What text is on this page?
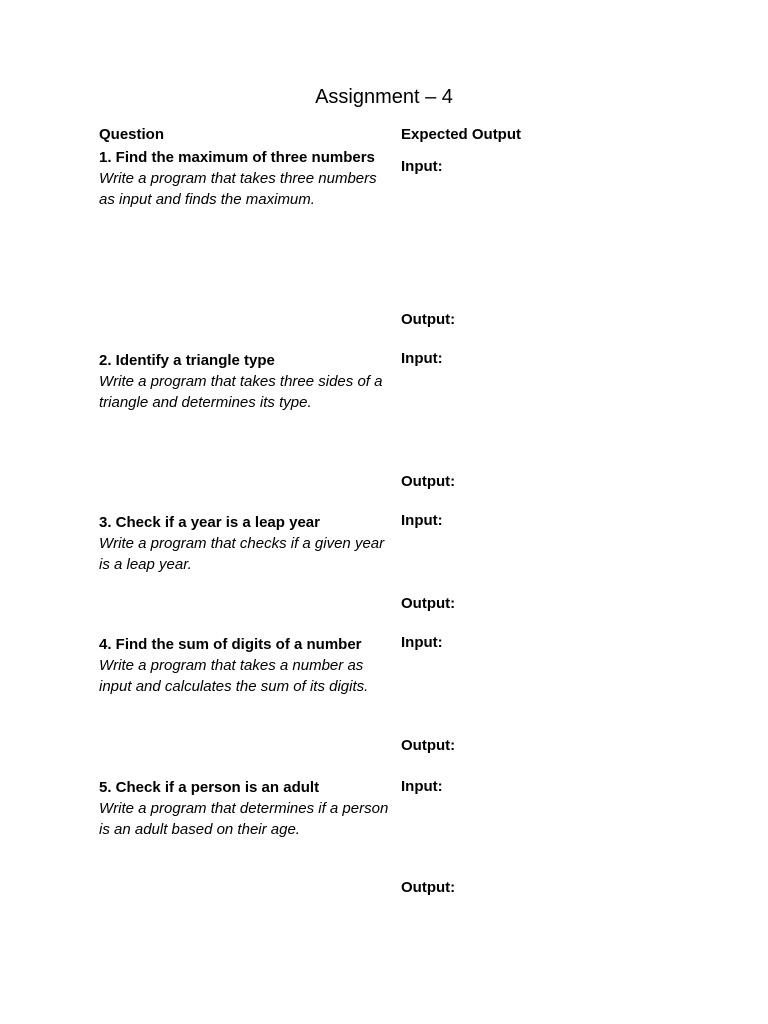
Assignment – 4
Question	Expected Output
1. Find the maximum of three numbers
Write a program that takes three numbers as input and finds the maximum.
Input:
Output:
2. Identify a triangle type
Write a program that takes three sides of a triangle and determines its type.
Input:
Output:
3. Check if a year is a leap year
Write a program that checks if a given year is a leap year.
Input:
Output:
4. Find the sum of digits of a number
Write a program that takes a number as input and calculates the sum of its digits.
Input:
Output:
5. Check if a person is an adult
Write a program that determines if a person is an adult based on their age.
Input:
Output:
